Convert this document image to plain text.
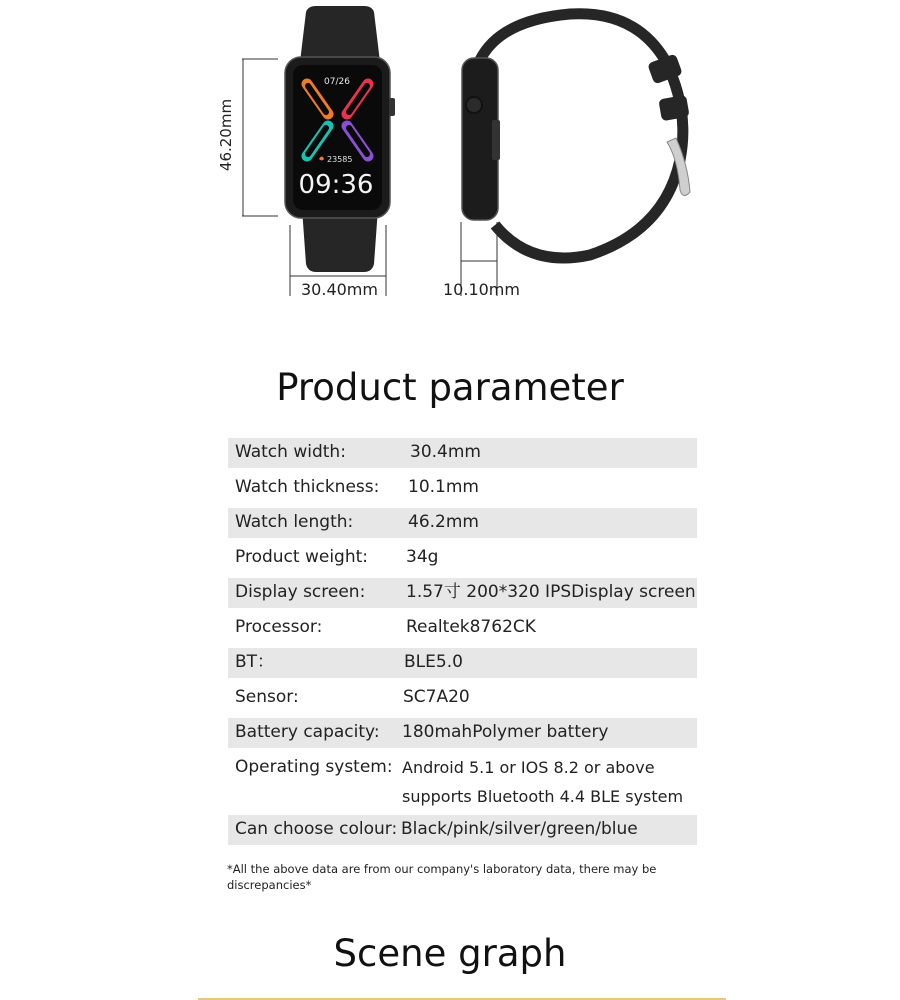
07/26
23585
09:36
46.20mm
30.40mm	10.10mm
Product parameter
Watch width:	30.4mm
Watch thickness: 10.1mm
Watch length:	46.2mm
Product weight: 34g
Display screen: 1.57寸 200*320 IPSDisplay screen
Processor:	Realtek8762CK
BT：	BLE5.0
Sensor:	SC7A20
Battery capacity: 180mahPolymer battery
Operating system: Android 5.1 or IOS 8.2 or above
supports Bluetooth 4.4 BLE system
Can choose colour: Black/pink/silver/green/blue
*All the above data are from our company's laboratory data, there may be discrepancies*
Scene graph
